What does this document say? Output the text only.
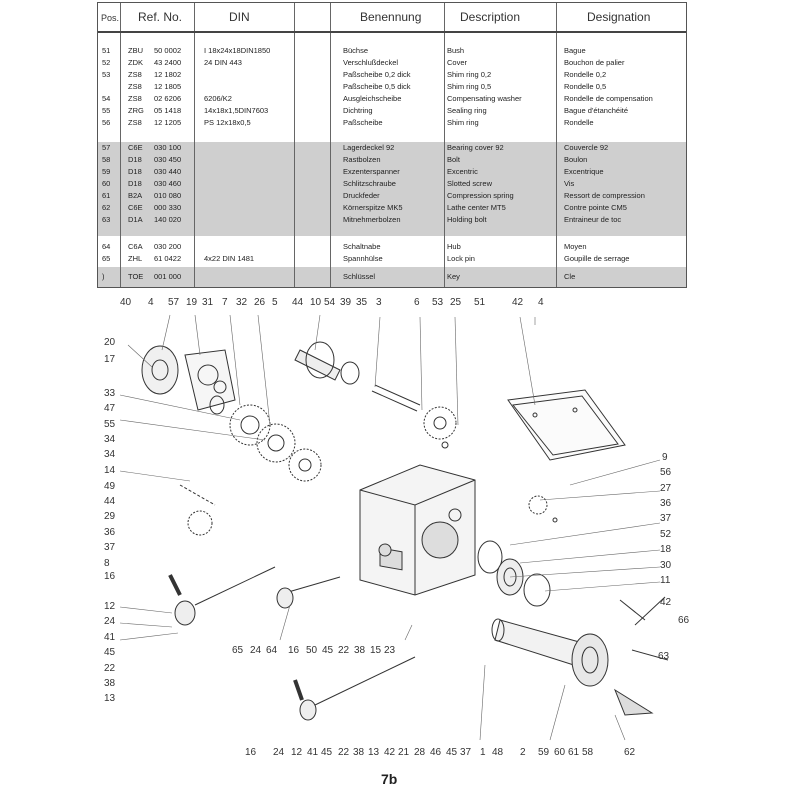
Pos. Ref. No.	DIN	Benennung	Description	Designation
51 ZBU 50 0002	I 18x24x18DIN1850	Büchse	Bush	Bague
52 ZDK 43 2400	24 DIN 443	Verschlußdeckel	Cover	Bouchon de palier
53 ZS8 12 1802	Paßscheibe 0,2 dick	Shim ring 0,2	Rondelle 0,2
ZS8 12 1805	Paßscheibe 0,5 dick	Shim ring 0,5	Rondelle 0,5
54 ZS8 02 6206	6206/K2	Ausgleichscheibe	Compensating washer	Rondelle de compensation
55 ZRG 05 1418	14x18x1,5DIN7603	Dichtring	Sealing ring	Bague d'étanchéité
56 ZS8 12 1205	PS 12x18x0,5	Paßscheibe	Shim ring	Rondelle
57 C6E 030 100	Lagerdeckel 92	Bearing cover 92	Couvercle 92
58 D18 030 450	Rastbolzen	Bolt	Boulon
59 D18 030 440	Exzenterspanner	Excentric	Excentrique
60 D18 030 460	Schlitzschraube	Slotted screw	Vis
61 B2A 010 080	Druckfeder	Compression spring	Ressort de compression
62 C6E 000 330	Körnerspitze MK5	Lathe center MT5	Contre pointe CM5
63 D1A 140 020	Mitnehmerbolzen	Holding bolt	Entraineur de toc
64 C6A 030 200	Schaltnabe	Hub	Moyen
65 ZHL 61 0422	4x22 DIN 1481	Spannhülse	Lock pin	Goupille de serrage
)	TOE 001 000	Schlüssel	Key	Cle
40 4 57 19 31 7 32 26 5 44 10 54 39 35 3	6 53 25 51	42 4
20
17
33
47
55
34
34
14
49
44
29
36
37
8
16
12
24
41
45
22
38
13
9
56
27
36
37
52
18
30
11
42
66
63
65 24 64 16 50 45 22 38 15 23
16 24 12 41 45 22 38 13 42 21 28 46 45 37 1 48 2 59 60 61 58	62
7b
